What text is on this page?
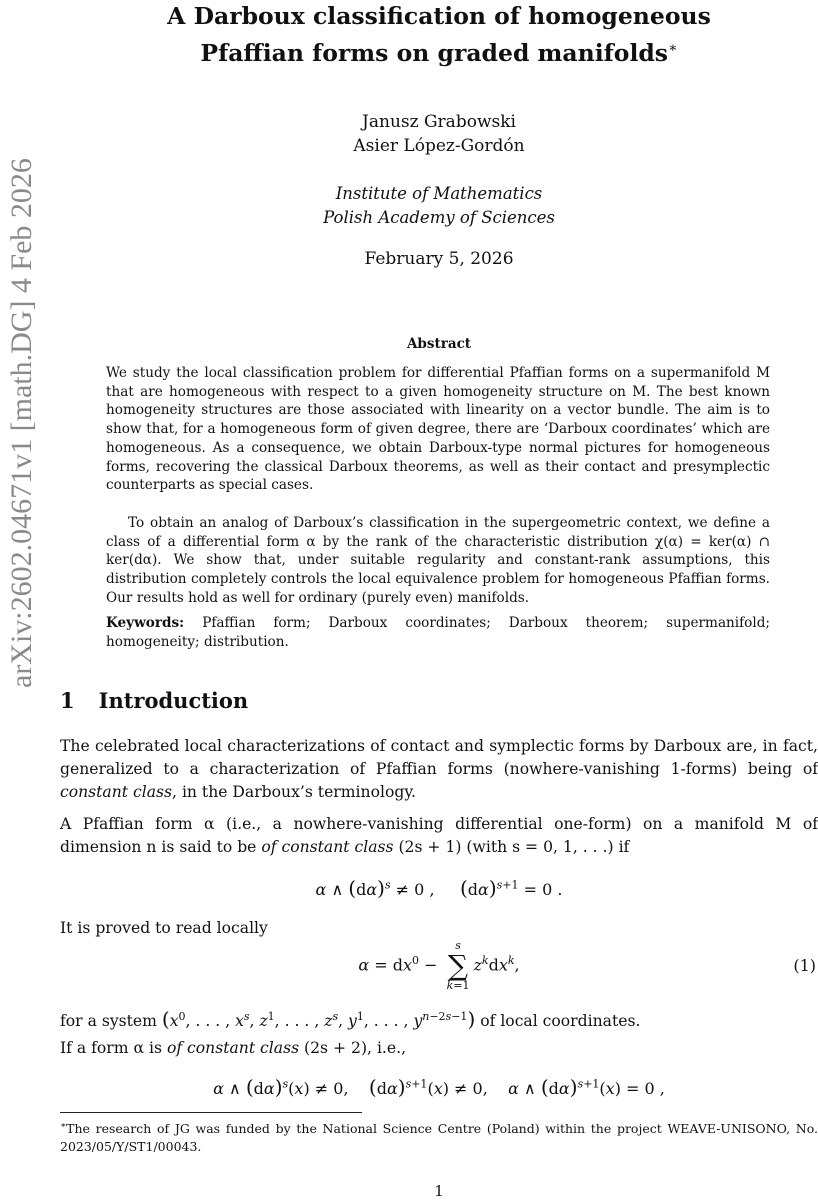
arXiv:2602.04671v1 [math.DG] 4 Feb 2026
A Darboux classification of homogeneous
Pfaffian forms on graded manifolds∗
Janusz Grabowski
Asier López-Gordón
Institute of Mathematics
Polish Academy of Sciences
February 5, 2026
Abstract

We study the local classification problem for differential Pfaffian forms on a supermanifold M that are homogeneous with respect to a given homogeneity structure on M. The best known homogeneity structures are those associated with linearity on a vector bundle. The aim is to show that, for a homogeneous form of given degree, there are ‘Darboux coordinates’ which are homogeneous. As a consequence, we obtain Darboux-type normal pictures for homogeneous forms, recovering the classical Darboux theorems, as well as their contact and presymplectic counterparts as special cases.

To obtain an analog of Darboux’s classification in the supergeometric context, we define a class of a differential form α by the rank of the characteristic distribution χ(α) = ker(α) ∩ ker(dα). We show that, under suitable regularity and constant-rank assumptions, this distribution completely controls the local equivalence problem for homogeneous Pfaffian forms. Our results hold as well for ordinary (purely even) manifolds.

Keywords: Pfaffian form; Darboux coordinates; Darboux theorem; supermanifold; homogeneity; distribution.
1 Introduction
The celebrated local characterizations of contact and symplectic forms by Darboux are, in fact, generalized to a characterization of Pfaffian forms (nowhere-vanishing 1-forms) being of constant class, in the Darboux’s terminology.
A Pfaffian form α (i.e., a nowhere-vanishing differential one-form) on a manifold M of dimension n is said to be of constant class (2s + 1) (with s = 0, 1, . . .) if
α ∧ $(d\alpha)^s \ne 0$ ,     $(d\alpha)^{s+1} = 0$ .
It is proved to read locally
$\alpha = dx^0 - s$
∑
$k=1z^kdx^k$,	(1)
for a system ($x^0$, . . . , $x^s$, $z^1$, . . . , $z^s$, $y^1$, . . . , $y^{n-2s-1}$) of local coordinates.
If a form α is of constant class (2s + 2), i.e.,
α ∧ $(d\alpha)^s(x) \ne 0$,    $(d\alpha)^{s+1}(x) \ne 0$,    α ∧ $(d\alpha)^{s+1}(x) = 0$ ,
∗The research of JG was funded by the National Science Centre (Poland) within the project WEAVE-UNISONO, No. 2023/05/Y/ST1/00043.
1
